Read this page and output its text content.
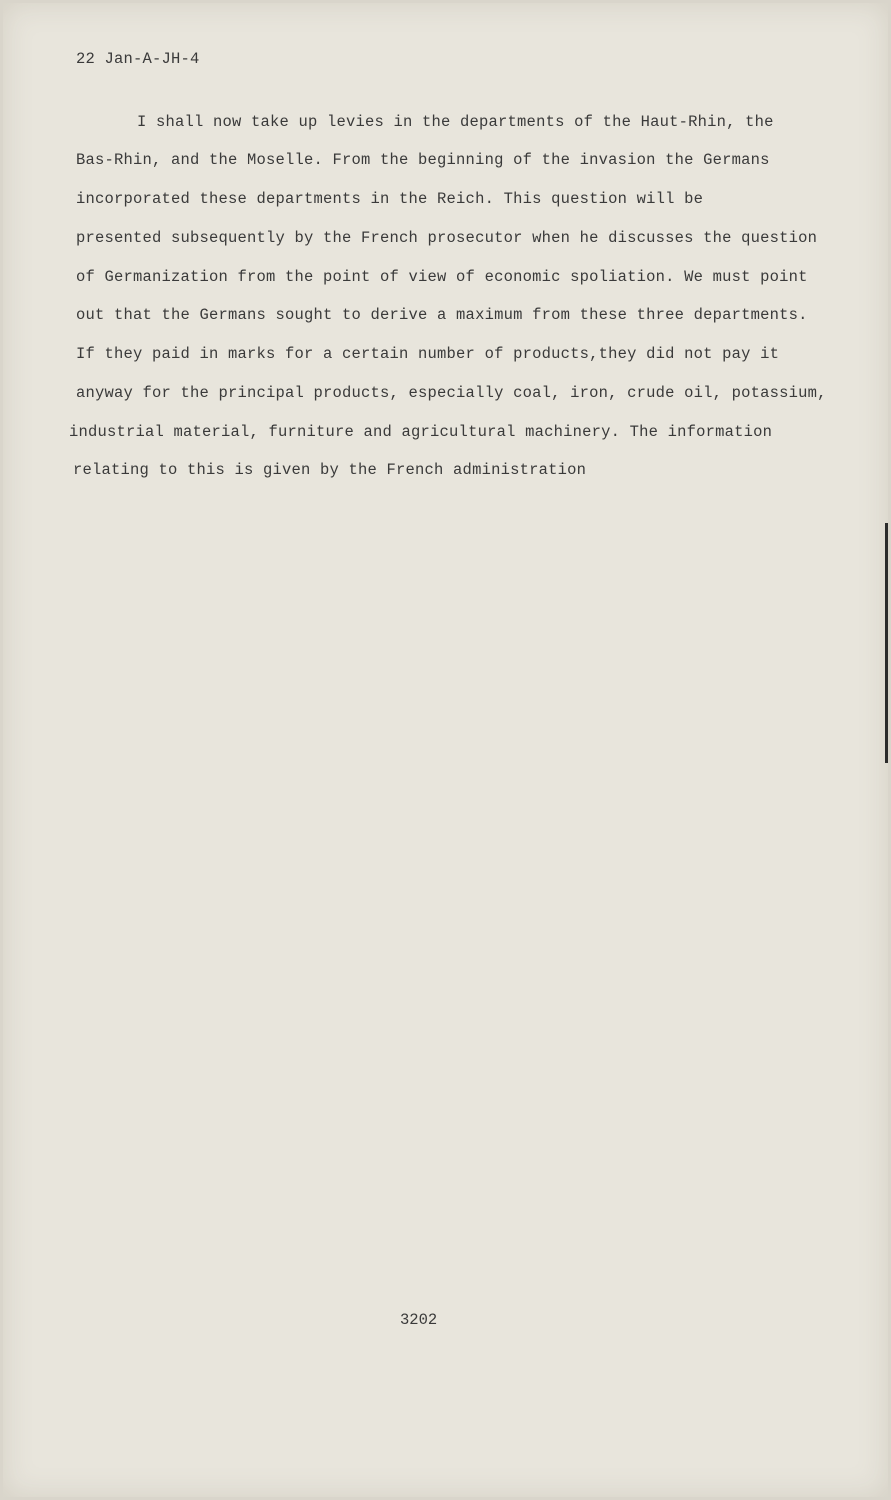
22 Jan-A-JH-4
I shall now take up levies in the departments of the Haut-Rhin, the
Bas-Rhin, and the Moselle. From the beginning of the invasion the Germans
incorporated these departments in the Reich. This question will be
presented subsequently by the French prosecutor when he discusses the question
of Germanization from the point of view of economic spoliation. We must point
out that the Germans sought to derive a maximum from these three departments.
If they paid in marks for a certain number of products,they did not pay it
anyway for the principal products, especially coal, iron, crude oil, potassium,
industrial material, furniture and agricultural machinery. The information
relating to this is given by the French administration
3202
